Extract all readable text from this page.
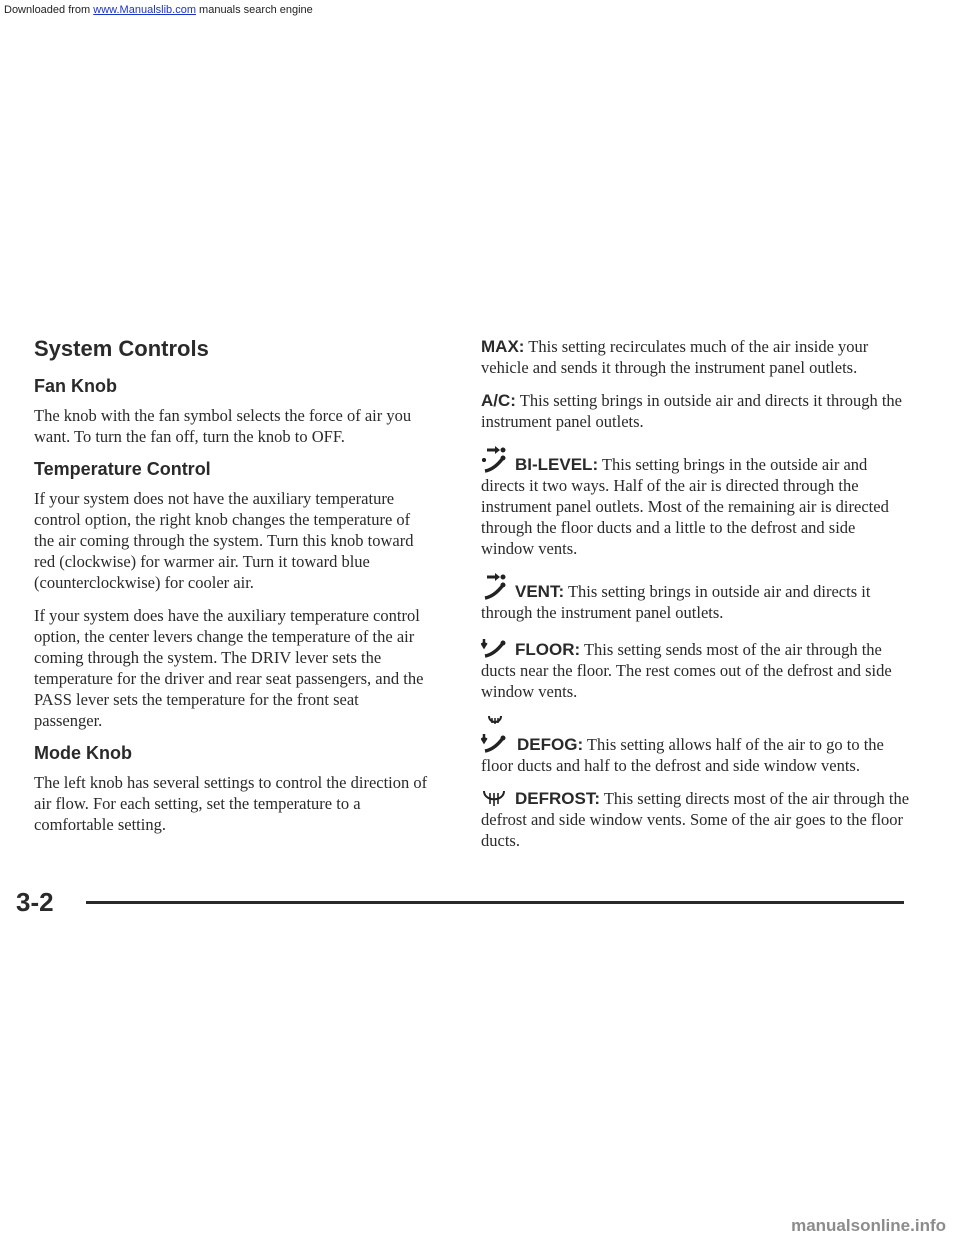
Downloaded from www.Manualslib.com manuals search engine
System Controls
Fan Knob

The knob with the fan symbol selects the force of air you want. To turn the fan off, turn the knob to OFF.

Temperature Control

If your system does not have the auxiliary temperature control option, the right knob changes the temperature of the air coming through the system. Turn this knob toward red (clockwise) for warmer air. Turn it toward blue (counterclockwise) for cooler air.

If your system does have the auxiliary temperature control option, the center levers change the temperature of the air coming through the system. The DRIV lever sets the temperature for the driver and rear seat passengers, and the PASS lever sets the temperature for the front seat passenger.

Mode Knob

The left knob has several settings to control the direction of air flow. For each setting, set the temperature to a comfortable setting.

MAX: This setting recirculates much of the air inside your vehicle and sends it through the instrument panel outlets.

A/C: This setting brings in outside air and directs it through the instrument panel outlets.

BI-LEVEL: This setting brings in the outside air and directs it two ways. Half of the air is directed through the instrument panel outlets. Most of the remaining air is directed through the floor ducts and a little to the defrost and side window vents.

VENT: This setting brings in outside air and directs it through the instrument panel outlets.

FLOOR: This setting sends most of the air through the ducts near the floor. The rest comes out of the defrost and side window vents.

DEFOG: This setting allows half of the air to go to the floor ducts and half to the defrost and side window vents.

DEFROST: This setting directs most of the air through the defrost and side window vents. Some of the air goes to the floor ducts.

3-2
manualsonline.info
